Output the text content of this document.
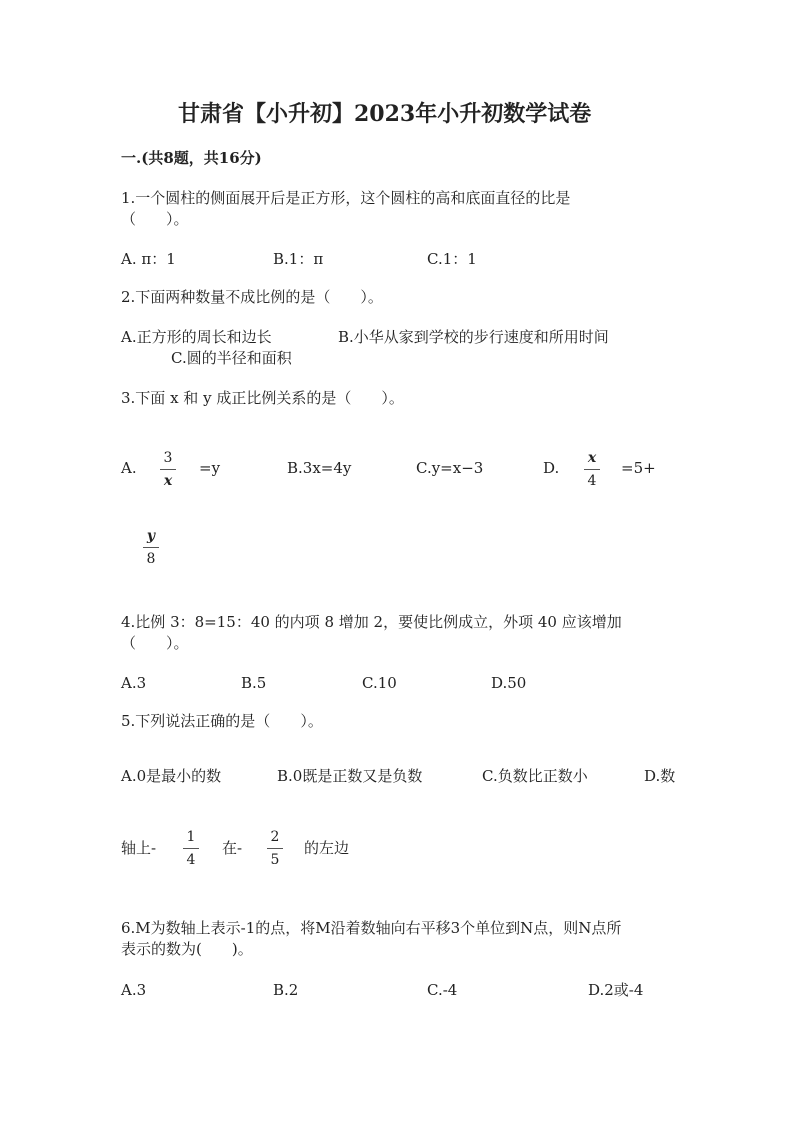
甘肃省【小升初】2023年小升初数学试卷
一.(共8题，共16分)
1.一个圆柱的侧面展开后是正方形，这个圆柱的高和底面直径的比是
（　　）。
A. π：1	B.1：π	C.1：1
2.下面两种数量不成比例的是（　　）。
A.正方形的周长和边长	B.小华从家到学校的步行速度和所用时间
C.圆的半径和面积
3.下面 x 和 y 成正比例关系的是（　　）。
A.
3
x
=y	B.3x=4y	C.y=x−3	D.
x
4
=5+
y
8
4.比例 3：8=15：40 的内项 8 增加 2，要使比例成立，外项 40 应该增加
（　　）。
A.3	B.5	C.10	D.50
5.下列说法正确的是（　　）。
A.0是最小的数	B.0既是正数又是负数	C.负数比正数小	D.数
轴上-
1
4
在-
2
5
的左边
6.M为数轴上表示-1的点，将M沿着数轴向右平移3个单位到N点，则N点所
表示的数为(　　)。
A.3	B.2	C.-4	D.2或-4
